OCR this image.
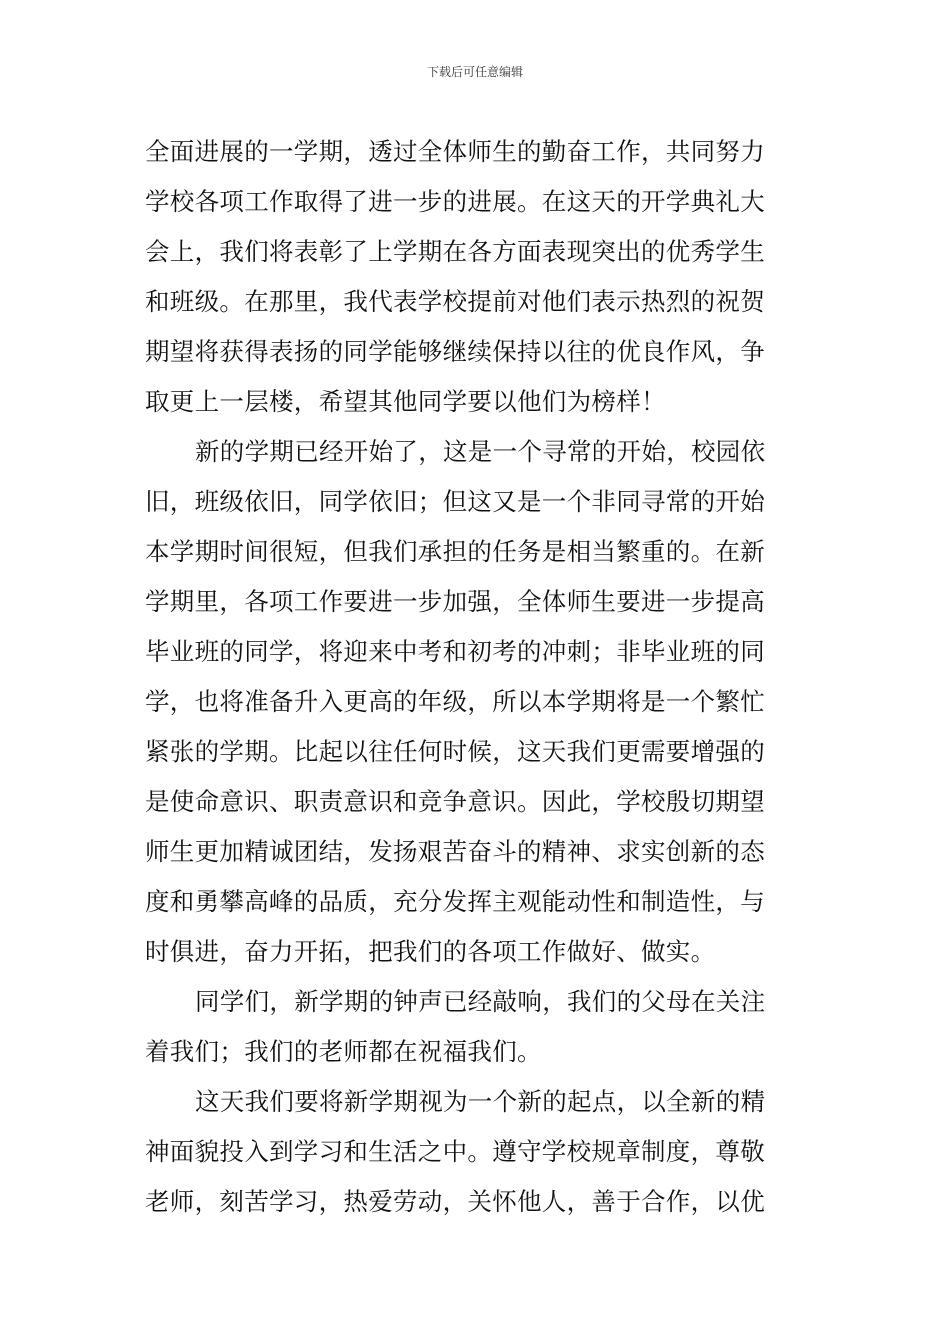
下载后可任意编辑
全面进展的一学期，透过全体师生的勤奋工作，共同努力
学校各项工作取得了进一步的进展。在这天的开学典礼大
会上，我们将表彰了上学期在各方面表现突出的优秀学生
和班级。在那里，我代表学校提前对他们表示热烈的祝贺
期望将获得表扬的同学能够继续保持以往的优良作风，争
取更上一层楼，希望其他同学要以他们为榜样！
新的学期已经开始了，这是一个寻常的开始，校园依
旧，班级依旧，同学依旧；但这又是一个非同寻常的开始
本学期时间很短，但我们承担的任务是相当繁重的。在新
学期里，各项工作要进一步加强，全体师生要进一步提高
毕业班的同学，将迎来中考和初考的冲刺；非毕业班的同
学，也将准备升入更高的年级，所以本学期将是一个繁忙
紧张的学期。比起以往任何时候，这天我们更需要增强的
是使命意识、职责意识和竞争意识。因此，学校殷切期望
师生更加精诚团结，发扬艰苦奋斗的精神、求实创新的态
度和勇攀高峰的品质，充分发挥主观能动性和制造性，与
时俱进，奋力开拓，把我们的各项工作做好、做实。
同学们，新学期的钟声已经敲响，我们的父母在关注
着我们；我们的老师都在祝福我们。
这天我们要将新学期视为一个新的起点，以全新的精
神面貌投入到学习和生活之中。遵守学校规章制度，尊敬
老师，刻苦学习，热爱劳动，关怀他人，善于合作，以优
